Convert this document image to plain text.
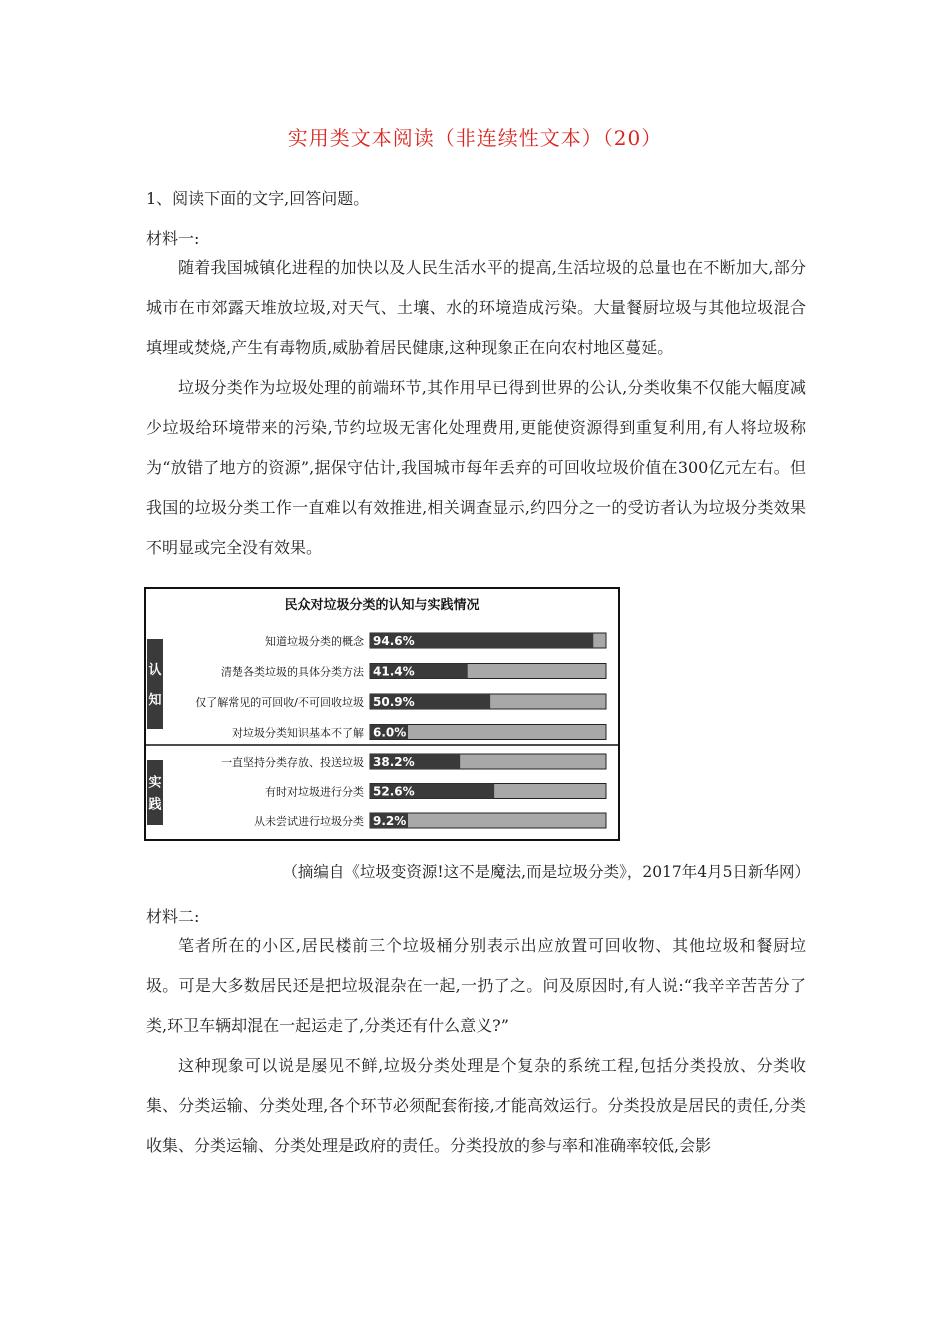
实用类文本阅读（非连续性文本）（20）

1、阅读下面的文字,回答问题。

材料一:

随着我国城镇化进程的加快以及人民生活水平的提高,生活垃圾的总量也在不断加大,部分城市在市郊露天堆放垃圾,对天气、土壤、水的环境造成污染。大量餐厨垃圾与其他垃圾混合填埋或焚烧,产生有毒物质,威胁着居民健康,这种现象正在向农村地区蔓延。

垃圾分类作为垃圾处理的前端环节,其作用早已得到世界的公认,分类收集不仅能大幅度减少垃圾给环境带来的污染,节约垃圾无害化处理费用,更能使资源得到重复利用,有人将垃圾称为“放错了地方的资源”,据保守估计,我国城市每年丢弃的可回收垃圾价值在300亿元左右。但我国的垃圾分类工作一直难以有效推进,相关调查显示,约四分之一的受访者认为垃圾分类效果不明显或完全没有效果。

民众对垃圾分类的认知与实践情况
认
知
知道垃圾分类的概念 94.6%
清楚各类垃圾的具体分类方法 41.4%
仅了解常见的可回收/不可回收垃圾 50.9%
对垃圾分类知识基本不了解 6.0%
实
践
一直坚持分类存放、投送垃圾 38.2%
有时对垃圾进行分类 52.6%
从未尝试进行垃圾分类 9.2%

（摘编自《垃圾变资源!这不是魔法,而是垃圾分类》，2017年4月5日新华网）

材料二:

笔者所在的小区,居民楼前三个垃圾桶分别表示出应放置可回收物、其他垃圾和餐厨垃圾。可是大多数居民还是把垃圾混杂在一起,一扔了之。问及原因时,有人说:“我辛辛苦苦分了类,环卫车辆却混在一起运走了,分类还有什么意义?”

这种现象可以说是屡见不鲜,垃圾分类处理是个复杂的系统工程,包括分类投放、分类收集、分类运输、分类处理,各个环节必须配套衔接,才能高效运行。分类投放是居民的责任,分类收集、分类运输、分类处理是政府的责任。分类投放的参与率和准确率较低,会影
